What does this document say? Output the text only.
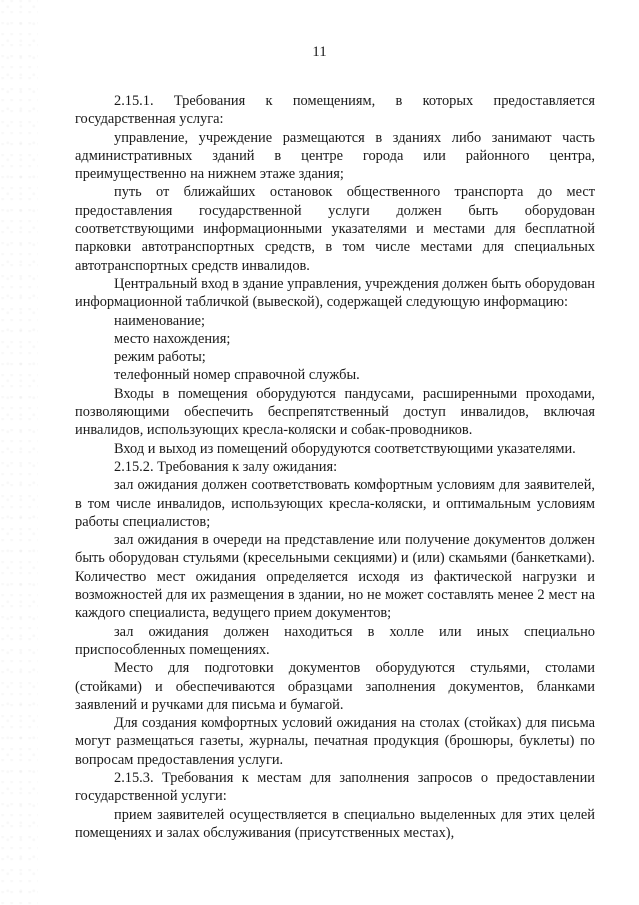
11

2.15.1. Требования к помещениям, в которых предоставляется государственная услуга:

управление, учреждение размещаются в зданиях либо занимают часть административных зданий в центре города или районного центра, преимущественно на нижнем этаже здания;

путь от ближайших остановок общественного транспорта до мест предоставления государственной услуги должен быть оборудован соответствующими информационными указателями и местами для бесплатной парковки автотранспортных средств, в том числе местами для специальных автотранспортных средств инвалидов.

Центральный вход в здание управления, учреждения должен быть оборудован информационной табличкой (вывеской), содержащей следующую информацию:

наименование;

место нахождения;

режим работы;

телефонный номер справочной службы.

Входы в помещения оборудуются пандусами, расширенными проходами, позволяющими обеспечить беспрепятственный доступ инвалидов, включая инвалидов, использующих кресла-коляски и собак-проводников.

Вход и выход из помещений оборудуются соответствующими указателями.

2.15.2. Требования к залу ожидания:

зал ожидания должен соответствовать комфортным условиям для заявителей, в том числе инвалидов, использующих кресла-коляски, и оптимальным условиям работы специалистов;

зал ожидания в очереди на представление или получение документов должен быть оборудован стульями (кресельными секциями) и (или) скамьями (банкетками). Количество мест ожидания определяется исходя из фактической нагрузки и возможностей для их размещения в здании, но не может составлять менее 2 мест на каждого специалиста, ведущего прием документов;

зал ожидания должен находиться в холле или иных специально приспособленных помещениях.

Место для подготовки документов оборудуются стульями, столами (стойками) и обеспечиваются образцами заполнения документов, бланками заявлений и ручками для письма и бумагой.

Для создания комфортных условий ожидания на столах (стойках) для письма могут размещаться газеты, журналы, печатная продукция (брошюры, буклеты) по вопросам предоставления услуги.

2.15.3. Требования к местам для заполнения запросов о предоставлении государственной услуги:

прием заявителей осуществляется в специально выделенных для этих целей помещениях и залах обслуживания (присутственных местах),
